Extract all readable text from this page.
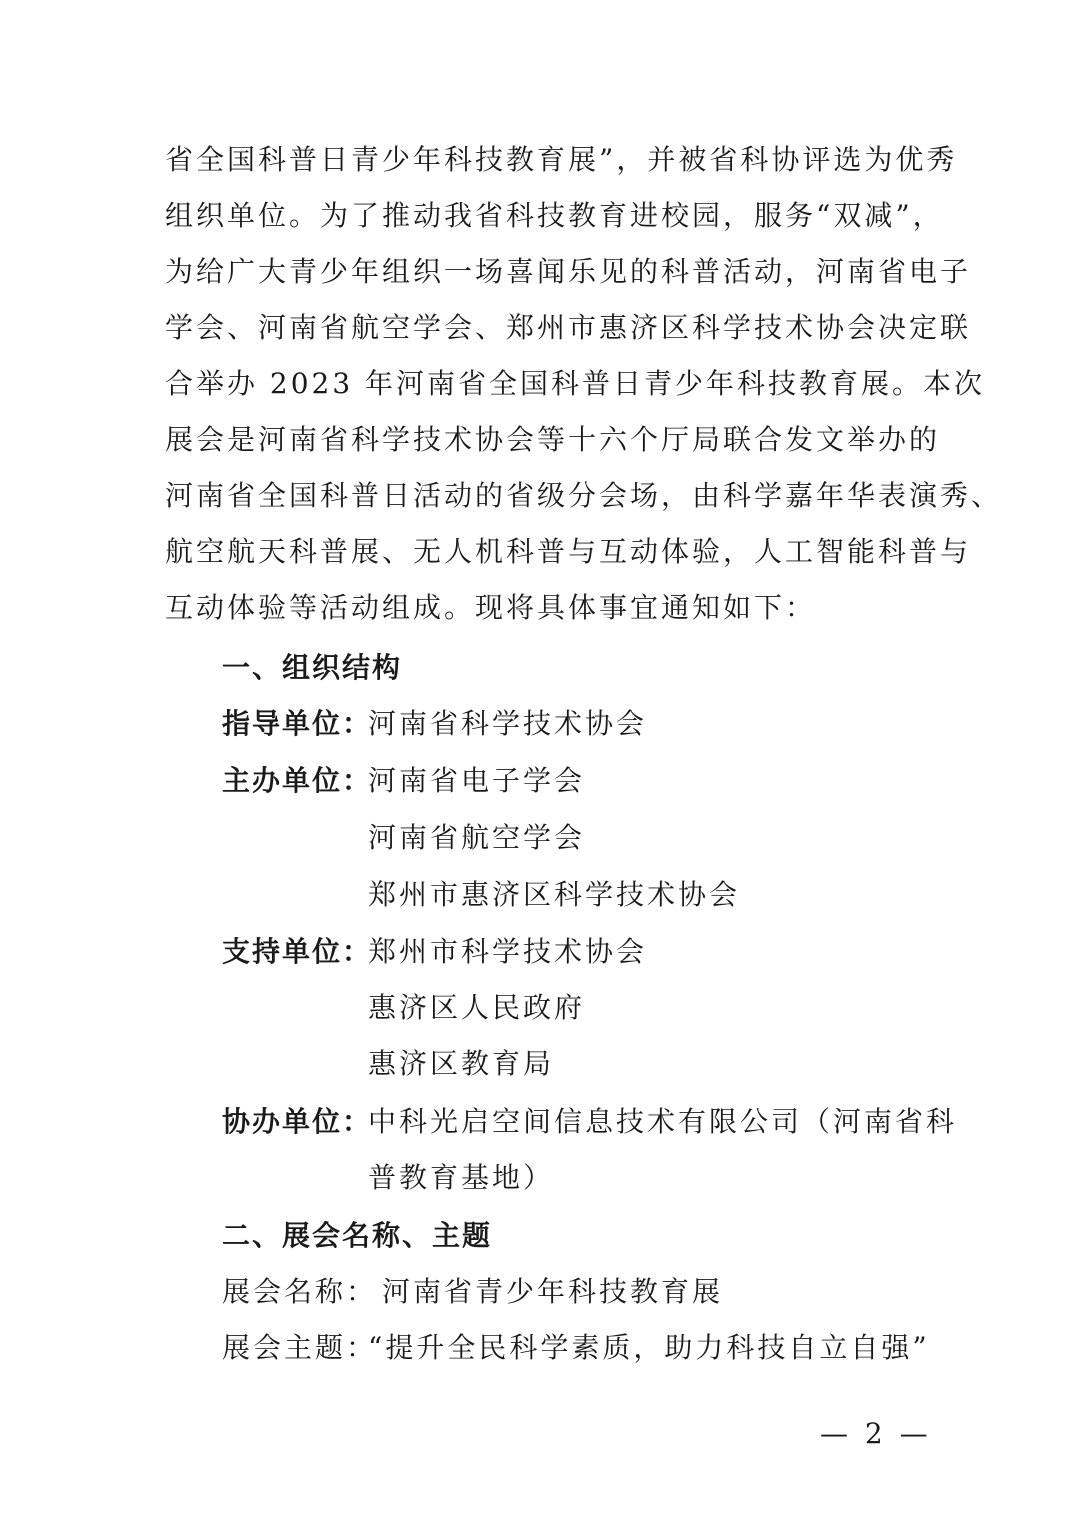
省全国科普日青少年科技教育展”，并被省科协评选为优秀
组织单位。为了推动我省科技教育进校园，服务“双减”，
为给广大青少年组织一场喜闻乐见的科普活动，河南省电子
学会、河南省航空学会、郑州市惠济区科学技术协会决定联
合举办 2023 年河南省全国科普日青少年科技教育展。本次
展会是河南省科学技术协会等十六个厅局联合发文举办的
河南省全国科普日活动的省级分会场，由科学嘉年华表演秀、
航空航天科普展、无人机科普与互动体验，人工智能科普与
互动体验等活动组成。现将具体事宜通知如下：
一、组织结构
指导单位：
河南省科学技术协会
主办单位：
河南省电子学会
河南省航空学会
郑州市惠济区科学技术协会
支持单位：
郑州市科学技术协会
惠济区人民政府
惠济区教育局
协办单位：
中科光启空间信息技术有限公司（河南省科
普教育基地）
二、展会名称、主题
展会名称： 河南省青少年科技教育展
展会主题：
“提升全民科学素质，助力科技自立自强”
— 2 —
